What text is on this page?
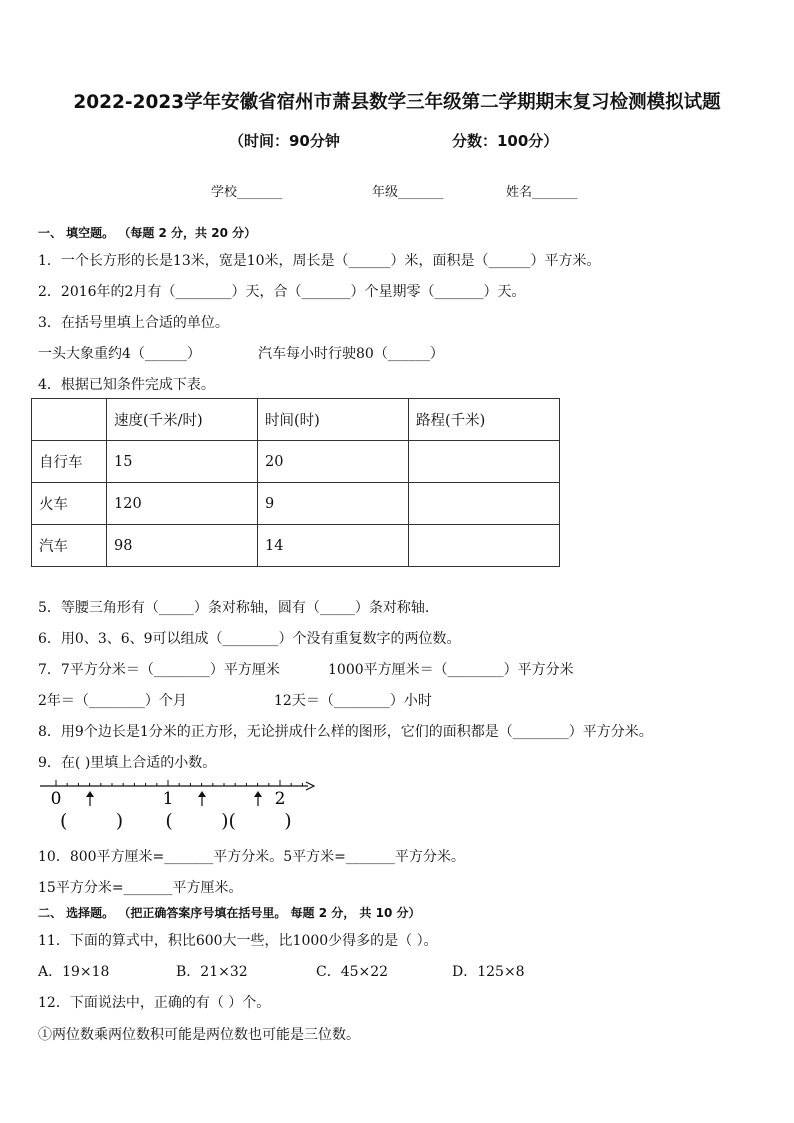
2022-2023学年安徽省宿州市萧县数学三年级第二学期期末复习检测模拟试题
（时间：90分钟	分数：100分）
学校_______	年级_______	姓名_______
一、 填空题。 （每题 2 分，共 20 分）
1．一个长方形的长是13米，宽是10米，周长是（______）米，面积是（______）平方米。
2．2016年的2月有（________）天，合（_______）个星期零（_______）天。
3．在括号里填上合适的单位。
一头大象重约4（______）	汽车每小时行驶80（______）
4．根据已知条件完成下表。
	速度(千米/时)	时间(时)	路程(千米)
自行车	15	20	
火车	120	9	
汽车	98	14	
5．等腰三角形有（_____）条对称轴，圆有（_____）条对称轴.
6．用0、3、6、9可以组成（________）个没有重复数字的两位数。
7．7平方分米＝（________）平方厘米	1000平方厘米＝（________）平方分米
2年＝（________）个月	12天＝（________）小时
8．用9个边长是1分米的正方形，无论拼成什么样的图形，它们的面积都是（________）平方分米。
9．在( )里填上合适的小数。
0	1	2
(        )       (        )(        )
10．800平方厘米=_______平方分米。5平方米=_______平方分米。
15平方分米=_______平方厘米。
二、 选择题。 （把正确答案序号填在括号里。 每题 2 分， 共 10 分）
11．下面的算式中，积比600大一些，比1000少得多的是（ ）。
A．19×18	B．21×32	C．45×22	D．125×8
12．下面说法中，正确的有（ ）个。
①两位数乘两位数积可能是两位数也可能是三位数。
